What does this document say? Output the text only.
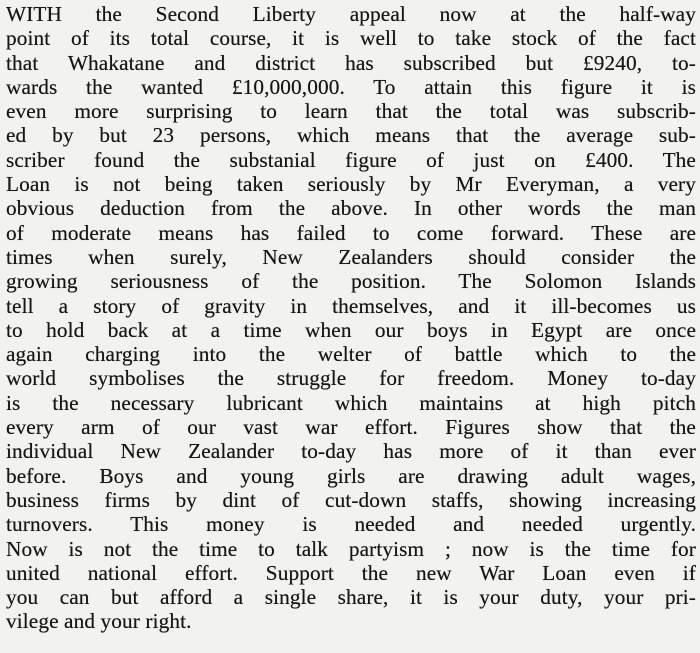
WITH the Second Liberty appeal now at the half-way
point of its total course, it is well to take stock of the fact
that Whakatane and district has subscribed but £9240, to-
wards the wanted £10,000,000. To attain this figure it is
even more surprising to learn that the total was subscrib-
ed by but 23 persons, which means that the average sub-
scriber found the substanial figure of just on £400. The
Loan is not being taken seriously by Mr Everyman, a very
obvious deduction from the above. In other words the man
of moderate means has failed to come forward. These are
times when surely, New Zealanders should consider the
growing seriousness of the position. The Solomon Islands
tell a story of gravity in themselves, and it ill-becomes us
to hold back at a time when our boys in Egypt are once
again charging into the welter of battle which to the
world symbolises the struggle for freedom. Money to-day
is the necessary lubricant which maintains at high pitch
every arm of our vast war effort. Figures show that the
individual New Zealander to-day has more of it than ever
before. Boys and young girls are drawing adult wages,
business firms by dint of cut-down staffs, showing increasing
turnovers. This money is needed and needed urgently.
Now is not the time to talk partyism ; now is the time for
united national effort. Support the new War Loan even if
you can but afford a single share, it is your duty, your pri-
vilege and your right.
